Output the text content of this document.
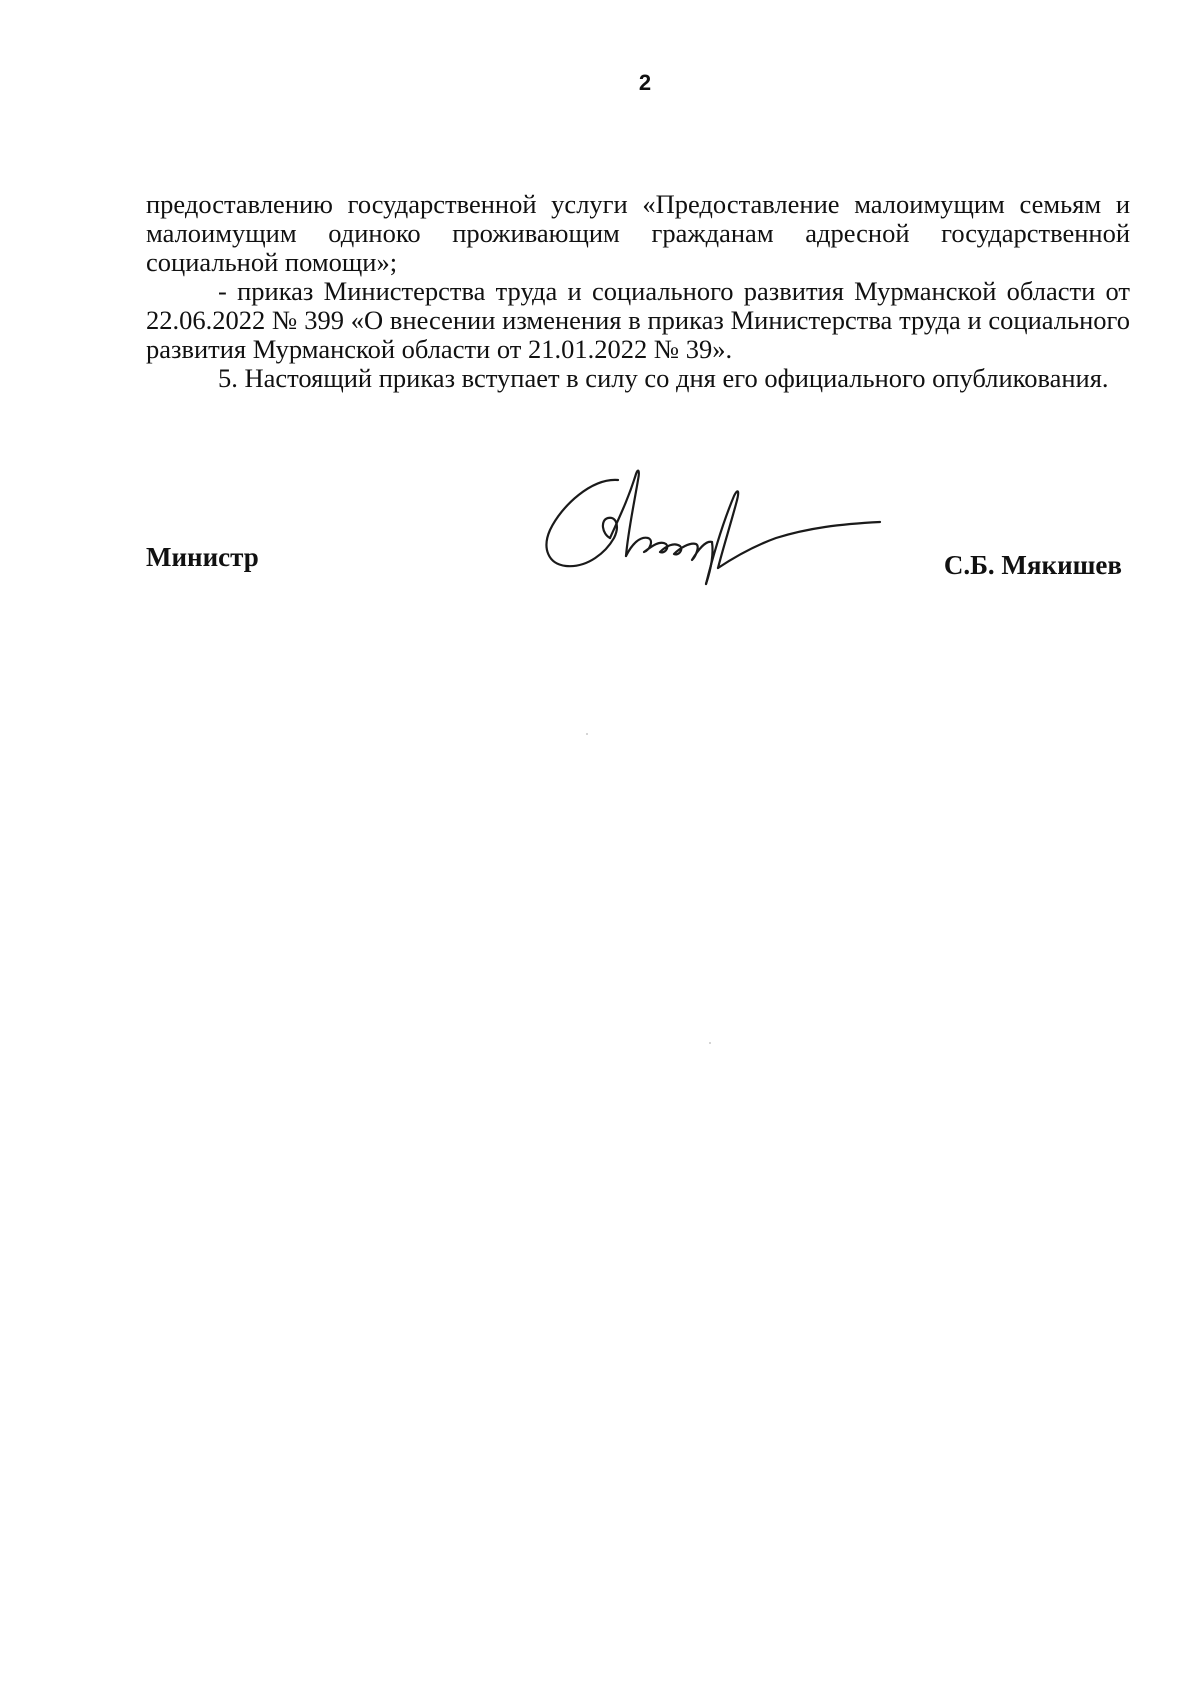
2

предоставлению государственной услуги «Предоставление малоимущим семьям и малоимущим одиноко проживающим гражданам адресной государственной социальной помощи»;

- приказ Министерства труда и социального развития Мурманской области от 22.06.2022 № 399 «О внесении изменения в приказ Министерства труда и социального развития Мурманской области от 21.01.2022 № 39».

5. Настоящий приказ вступает в силу со дня его официального опубликования.

Министр	С.Б. Мякишев
